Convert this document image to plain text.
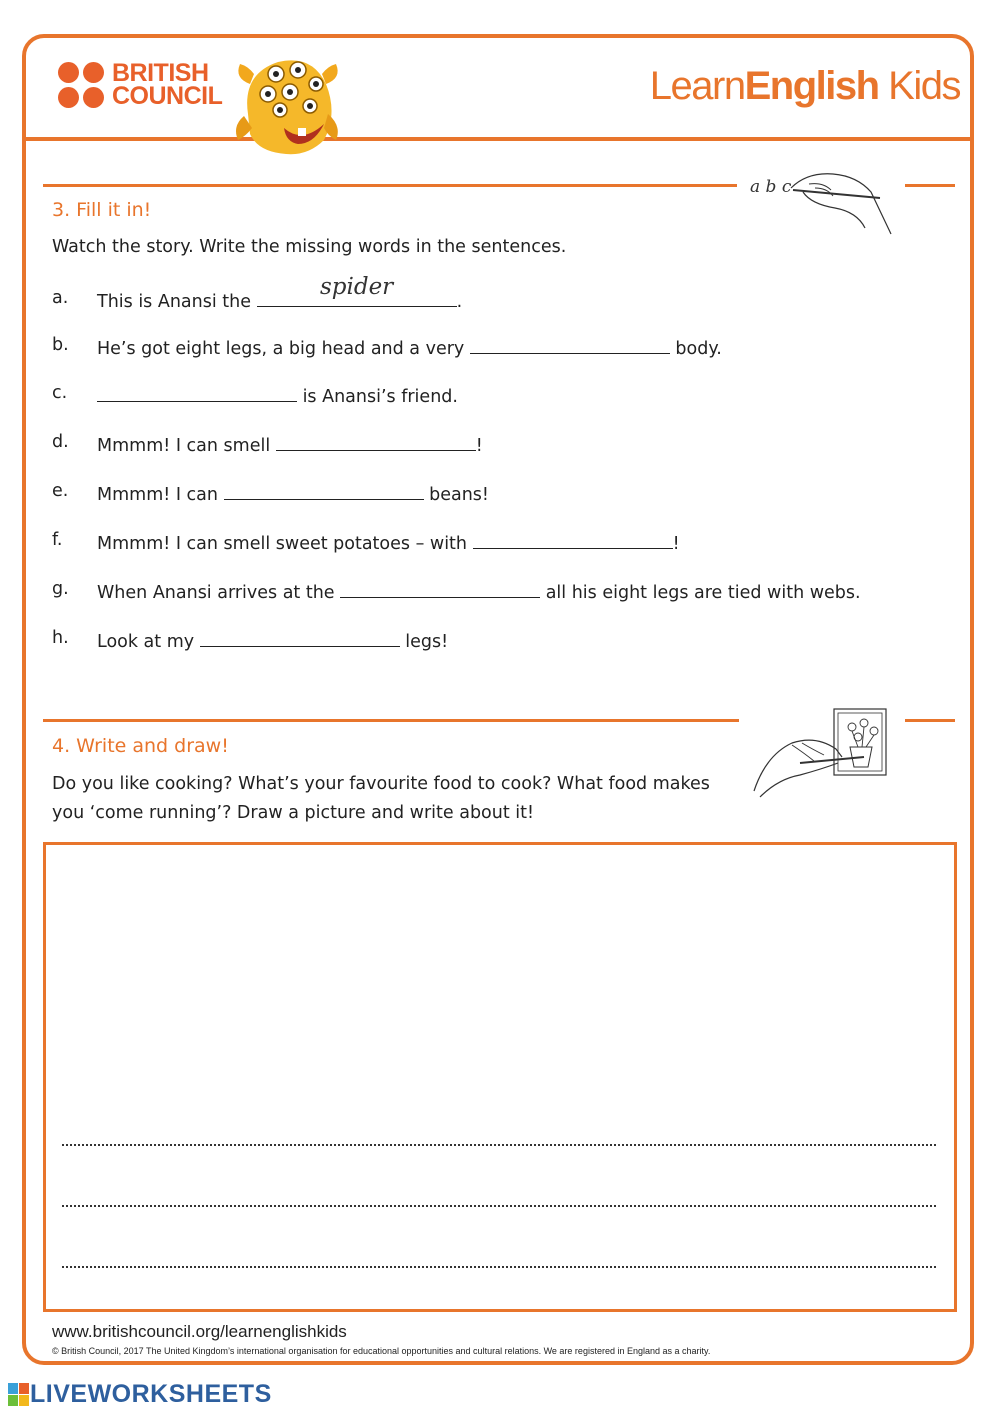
BRITISH
COUNCIL	LearnEnglish Kids
a b c
3. Fill it in!
Watch the story. Write the missing words in the sentences.
a. This is Anansi the
spider
.
b. He’s got eight legs, a big head and a very	body.
c.	is Anansi’s friend.
d. Mmmm! I can smell	!
e. Mmmm! I can	beans!
f. Mmmm! I can smell sweet potatoes – with	!
g. When Anansi arrives at the	all his eight legs are tied with webs.
h. Look at my	legs!
4. Write and draw!
Do you like cooking? What’s your favourite food to cook? What food makes
you ‘come running’? Draw a picture and write about it!
www.britishcouncil.org/learnenglishkids
© British Council, 2017 The United Kingdom’s international organisation for educational opportunities and cultural relations. We are registered in England as a charity.
LIVEWORKSHEETS
